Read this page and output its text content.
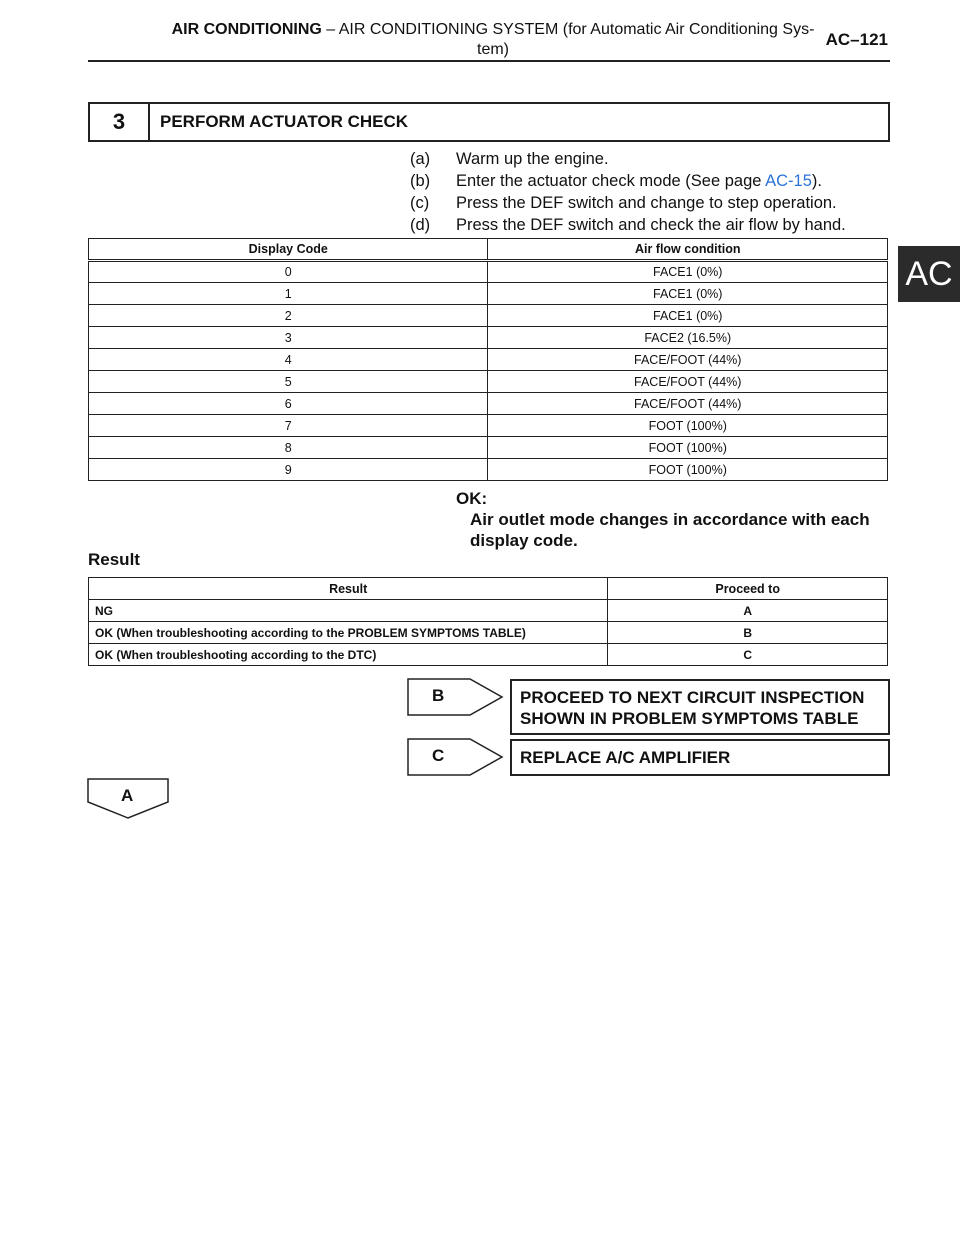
AIR CONDITIONING – AIR CONDITIONING SYSTEM (for Automatic Air Conditioning Sys-
tem)
AC–121
AC
3	PERFORM ACTUATOR CHECK
(a) Warm up the engine.
(b) Enter the actuator check mode (See page AC-15).
(c) Press the DEF switch and change to step operation.
(d) Press the DEF switch and check the air flow by hand.
Display Code	Air flow condition
0	FACE1 (0%)
1	FACE1 (0%)
2	FACE1 (0%)
3	FACE2 (16.5%)
4	FACE/FOOT (44%)
5	FACE/FOOT (44%)
6	FACE/FOOT (44%)
7	FOOT (100%)
8	FOOT (100%)
9	FOOT (100%)
OK:
Air outlet mode changes in accordance with each
display code.
Result
Result	Proceed to
NG	A
OK (When troubleshooting according to the PROBLEM SYMPTOMS TABLE)	B
OK (When troubleshooting according to the DTC)	C
B	PROCEED TO NEXT CIRCUIT INSPECTION
SHOWN IN PROBLEM SYMPTOMS TABLE
C	REPLACE A/C AMPLIFIER
A
